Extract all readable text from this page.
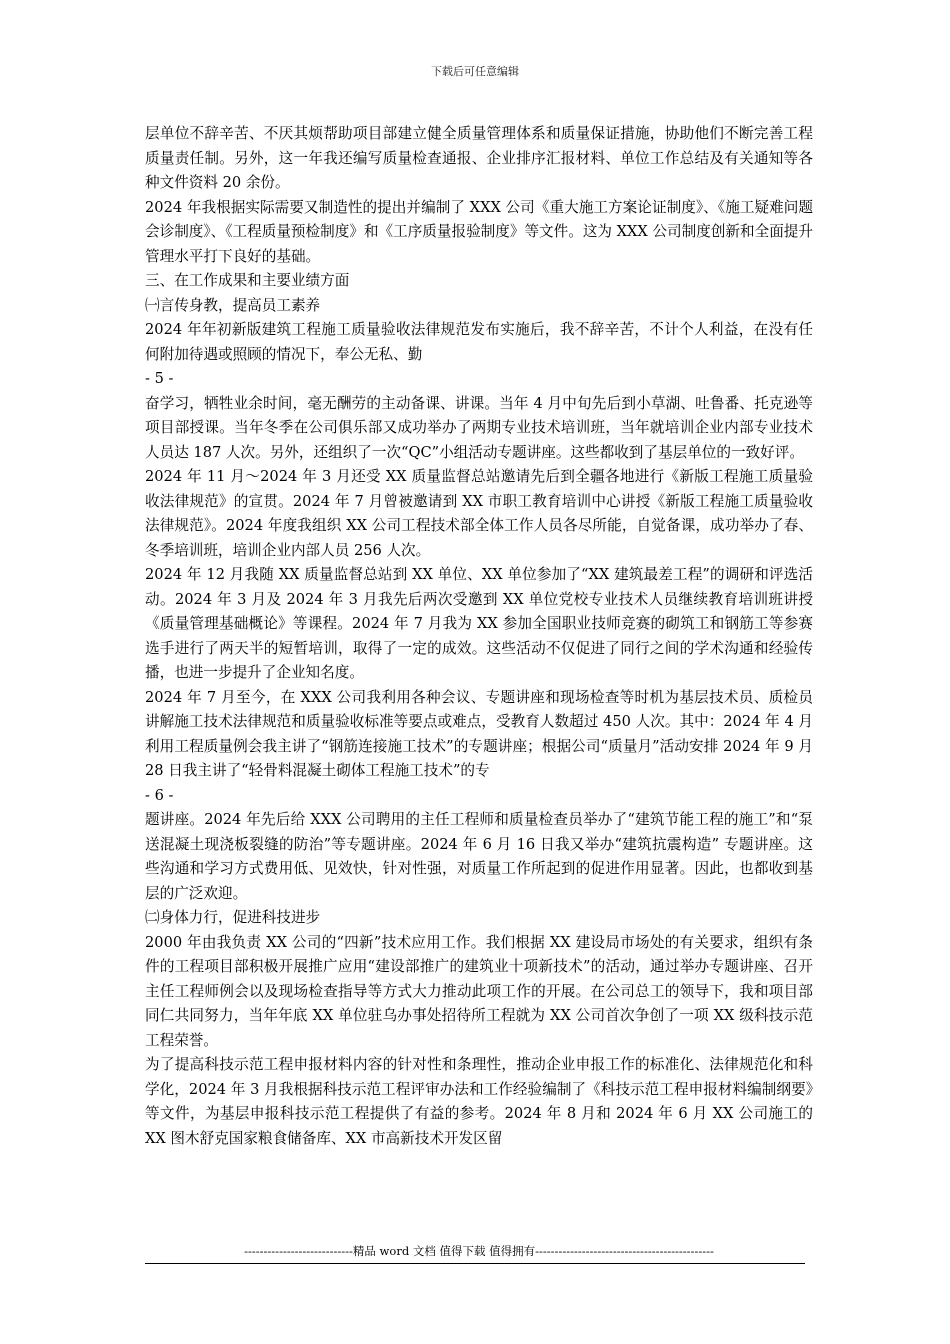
下载后可任意编辑

层单位不辞辛苦、不厌其烦帮助项目部建立健全质量管理体系和质量保证措施，协助他们不断完善工程质量责任制。另外，这一年我还编写质量检查通报、企业排序汇报材料、单位工作总结及有关通知等各种文件资料 20 余份。

2024 年我根据实际需要又制造性的提出并编制了 XXX 公司《重大施工方案论证制度》、《施工疑难问题会诊制度》、《工程质量预检制度》和《工序质量报验制度》等文件。这为 XXX 公司制度创新和全面提升管理水平打下良好的基础。

三、在工作成果和主要业绩方面

㈠言传身教，提高员工素养

2024 年年初新版建筑工程施工质量验收法律规范发布实施后，我不辞辛苦，不计个人利益，在没有任何附加待遇或照顾的情况下，奉公无私、勤

- 5 -

奋学习，牺牲业余时间，毫无酬劳的主动备课、讲课。当年 4 月中旬先后到小草湖、吐鲁番、托克逊等项目部授课。当年冬季在公司俱乐部又成功举办了两期专业技术培训班，当年就培训企业内部专业技术人员达 187 人次。另外，还组织了一次“QC”小组活动专题讲座。这些都收到了基层单位的一致好评。

2024 年 11 月～2024 年 3 月还受 XX 质量监督总站邀请先后到全疆各地进行《新版工程施工质量验收法律规范》的宣贯。2024 年 7 月曾被邀请到 XX 市职工教育培训中心讲授《新版工程施工质量验收法律规范》。2024 年度我组织 XX 公司工程技术部全体工作人员各尽所能，自觉备课，成功举办了春、冬季培训班，培训企业内部人员 256 人次。

2024 年 12 月我随 XX 质量监督总站到 XX 单位、XX 单位参加了“XX 建筑最差工程”的调研和评选活动。2024 年 3 月及 2024 年 3 月我先后两次受邀到 XX 单位党校专业技术人员继续教育培训班讲授《质量管理基础概论》等课程。2024 年 7 月我为 XX 参加全国职业技师竞赛的砌筑工和钢筋工等参赛选手进行了两天半的短暂培训，取得了一定的成效。这些活动不仅促进了同行之间的学术沟通和经验传播，也进一步提升了企业知名度。

2024 年 7 月至今，在 XXX 公司我利用各种会议、专题讲座和现场检查等时机为基层技术员、质检员讲解施工技术法律规范和质量验收标准等要点或难点，受教育人数超过 450 人次。其中：2024 年 4 月利用工程质量例会我主讲了“钢筋连接施工技术”的专题讲座；根据公司“质量月”活动安排 2024 年 9 月 28 日我主讲了“轻骨料混凝土砌体工程施工技术”的专

- 6 -

题讲座。2024 年先后给 XXX 公司聘用的主任工程师和质量检查员举办了“建筑节能工程的施工”和“泵送混凝土现浇板裂缝的防治”等专题讲座。2024 年 6 月 16 日我又举办“建筑抗震构造” 专题讲座。这些沟通和学习方式费用低、见效快，针对性强，对质量工作所起到的促进作用显著。因此，也都收到基层的广泛欢迎。

㈡身体力行，促进科技进步

2000 年由我负责 XX 公司的“四新”技术应用工作。我们根据 XX 建设局市场处的有关要求，组织有条件的工程项目部积极开展推广应用“建设部推广的建筑业十项新技术”的活动，通过举办专题讲座、召开主任工程师例会以及现场检查指导等方式大力推动此项工作的开展。在公司总工的领导下，我和项目部同仁共同努力，当年年底 XX 单位驻乌办事处招待所工程就为 XX 公司首次争创了一项 XX 级科技示范工程荣誉。

为了提高科技示范工程申报材料内容的针对性和条理性，推动企业申报工作的标准化、法律规范化和科学化，2024 年 3 月我根据科技示范工程评审办法和工作经验编制了《科技示范工程申报材料编制纲要》等文件，为基层申报科技示范工程提供了有益的参考。2024 年 8 月和 2024 年 6 月 XX 公司施工的 XX 图木舒克国家粮食储备库、XX 市高新技术开发区留

----------------------------精品 word 文档 值得下载 值得拥有----------------------------------------------
